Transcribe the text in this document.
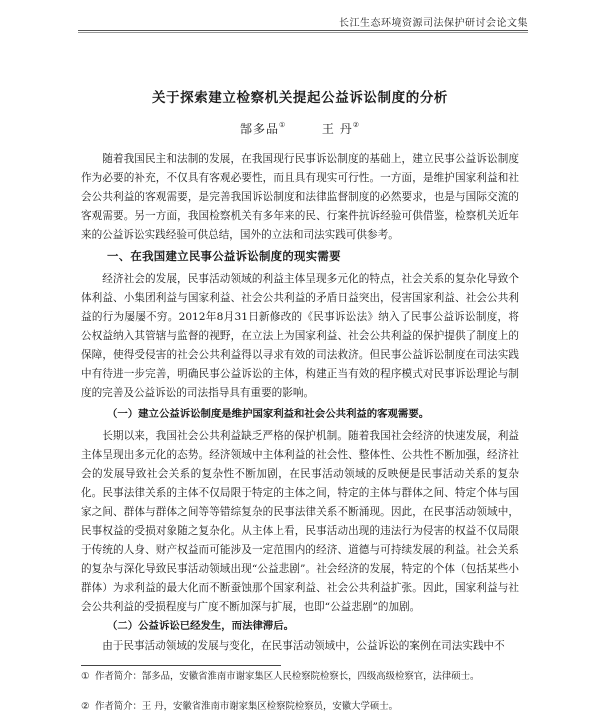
长江生态环境资源司法保护研讨会论文集
关于探索建立检察机关提起公益诉讼制度的分析
郜多品①	王 丹②

随着我国民主和法制的发展，在我国现行民事诉讼制度的基础上，建立民事公益诉讼制度作为必要的补充，不仅具有客观必要性，而且具有现实可行性。一方面，是维护国家利益和社会公共利益的客观需要，是完善我国诉讼制度和法律监督制度的必然要求，也是与国际交流的客观需要。另一方面，我国检察机关有多年来的民、行案件抗诉经验可供借鉴，检察机关近年来的公益诉讼实践经验可供总结，国外的立法和司法实践可供参考。

一、在我国建立民事公益诉讼制度的现实需要

经济社会的发展，民事活动领域的利益主体呈现多元化的特点，社会关系的复杂化导致个体利益、小集团利益与国家利益、社会公共利益的矛盾日益突出，侵害国家利益、社会公共利益的行为屡屡不穷。2012年8月31日新修改的《民事诉讼法》纳入了民事公益诉讼制度，将公权益纳入其管辖与监督的视野，在立法上为国家利益、社会公共利益的保护提供了制度上的保障，使得受侵害的社会公共利益得以寻求有效的司法救济。但民事公益诉讼制度在司法实践中有待进一步完善，明确民事公益诉讼的主体，构建正当有效的程序模式对民事诉讼理论与制度的完善及公益诉讼的司法指导具有重要的影响。

（一）建立公益诉讼制度是维护国家利益和社会公共利益的客观需要。

长期以来，我国社会公共利益缺乏严格的保护机制。随着我国社会经济的快速发展，利益主体呈现出多元化的态势。经济领域中主体利益的社会性、整体性、公共性不断加强，经济社会的发展导致社会关系的复杂性不断加剧，在民事活动领域的反映便是民事活动关系的复杂化。民事法律关系的主体不仅局限于特定的主体之间，特定的主体与群体之间、特定个体与国家之间、群体与群体之间等等错综复杂的民事法律关系不断涌现。因此，在民事活动领域中，民事权益的受损对象随之复杂化。从主体上看，民事活动出现的违法行为侵害的权益不仅局限于传统的人身、财产权益而可能涉及一定范围内的经济、道德与可持续发展的利益。社会关系的复杂与深化导致民事活动领域出现“公益悲剧”。社会经济的发展，特定的个体（包括某些小群体）为求利益的最大化而不断蚕蚀那个国家利益、社会公共利益扩张。因此，国家利益与社会公共利益的受损程度与广度不断加深与扩展，也即“公益悲剧”的加剧。

（二）公益诉讼已经发生，而法律滞后。

由于民事活动领域的发展与变化，在民事活动领域中，公益诉讼的案例在司法实践中不

① 作者简介：郜多品，安徽省淮南市谢家集区人民检察院检察长，四级高级检察官，法律硕士。

② 作者简介：王 丹，安徽省淮南市谢家集区检察院检察员，安徽大学硕士。
